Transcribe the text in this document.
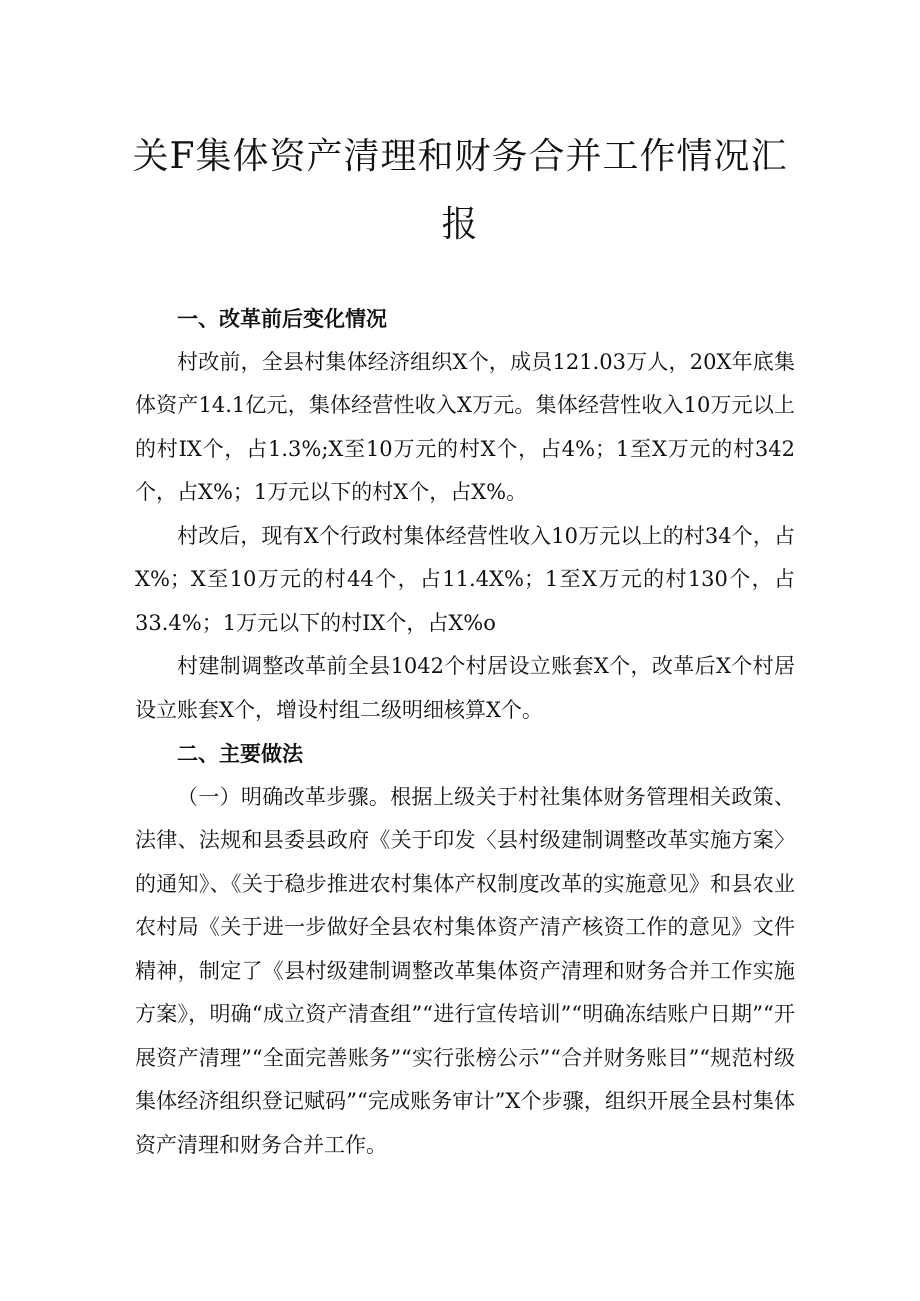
关F集体资产清理和财务合并工作情况汇
报
一、改革前后变化情况

村改前，全县村集体经济组织X个，成员121.03万人，20X年底集体资产14.1亿元，集体经营性收入X万元。集体经营性收入10万元以上的村IX个，占1.3%;X至10万元的村X个，占4%；1至X万元的村342个，占X%；1万元以下的村X个，占X%。

村改后，现有X个行政村集体经营性收入10万元以上的村34个，占X%；X至10万元的村44个，占11.4X%；1至X万元的村130个，占33.4%；1万元以下的村IX个，占X%o

村建制调整改革前全县1042个村居设立账套X个，改革后X个村居设立账套X个，增设村组二级明细核算X个。

二、主要做法

（一）明确改革步骤。根据上级关于村社集体财务管理相关政策、法律、法规和县委县政府《关于印发〈县村级建制调整改革实施方案〉的通知》、《关于稳步推进农村集体产权制度改革的实施意见》和县农业农村局《关于进一步做好全县农村集体资产清产核资工作的意见》文件精神，制定了《县村级建制调整改革集体资产清理和财务合并工作实施方案》，明确“成立资产清查组”“进行宣传培训”“明确冻结账户日期”“开展资产清理”“全面完善账务”“实行张榜公示”“合并财务账目”“规范村级集体经济组织登记赋码”“完成账务审计”X个步骤，组织开展全县村集体资产清理和财务合并工作。
